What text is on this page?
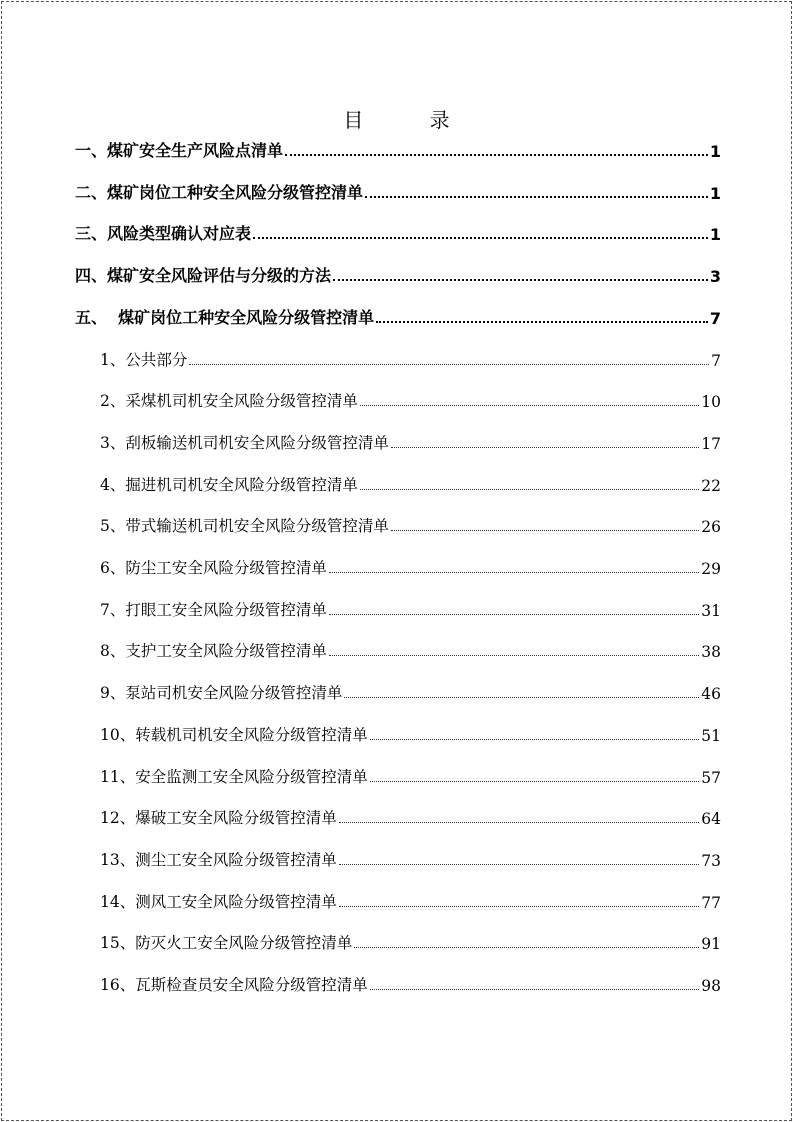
目 录
一、煤矿安全生产风险点清单	1
二、煤矿岗位工种安全风险分级管控清单	1
三、风险类型确认对应表	1
四、煤矿安全风险评估与分级的方法	3
五、  煤矿岗位工种安全风险分级管控清单	7
1、公共部分	7
2、采煤机司机安全风险分级管控清单	10
3、刮板输送机司机安全风险分级管控清单	17
4、掘进机司机安全风险分级管控清单	22
5、带式输送机司机安全风险分级管控清单	26
6、防尘工安全风险分级管控清单	29
7、打眼工安全风险分级管控清单	31
8、支护工安全风险分级管控清单	38
9、泵站司机安全风险分级管控清单	46
10、转载机司机安全风险分级管控清单	51
11、安全监测工安全风险分级管控清单	57
12、爆破工安全风险分级管控清单	64
13、测尘工安全风险分级管控清单	73
14、测风工安全风险分级管控清单	77
15、防灭火工安全风险分级管控清单	91
16、瓦斯检查员安全风险分级管控清单	98
